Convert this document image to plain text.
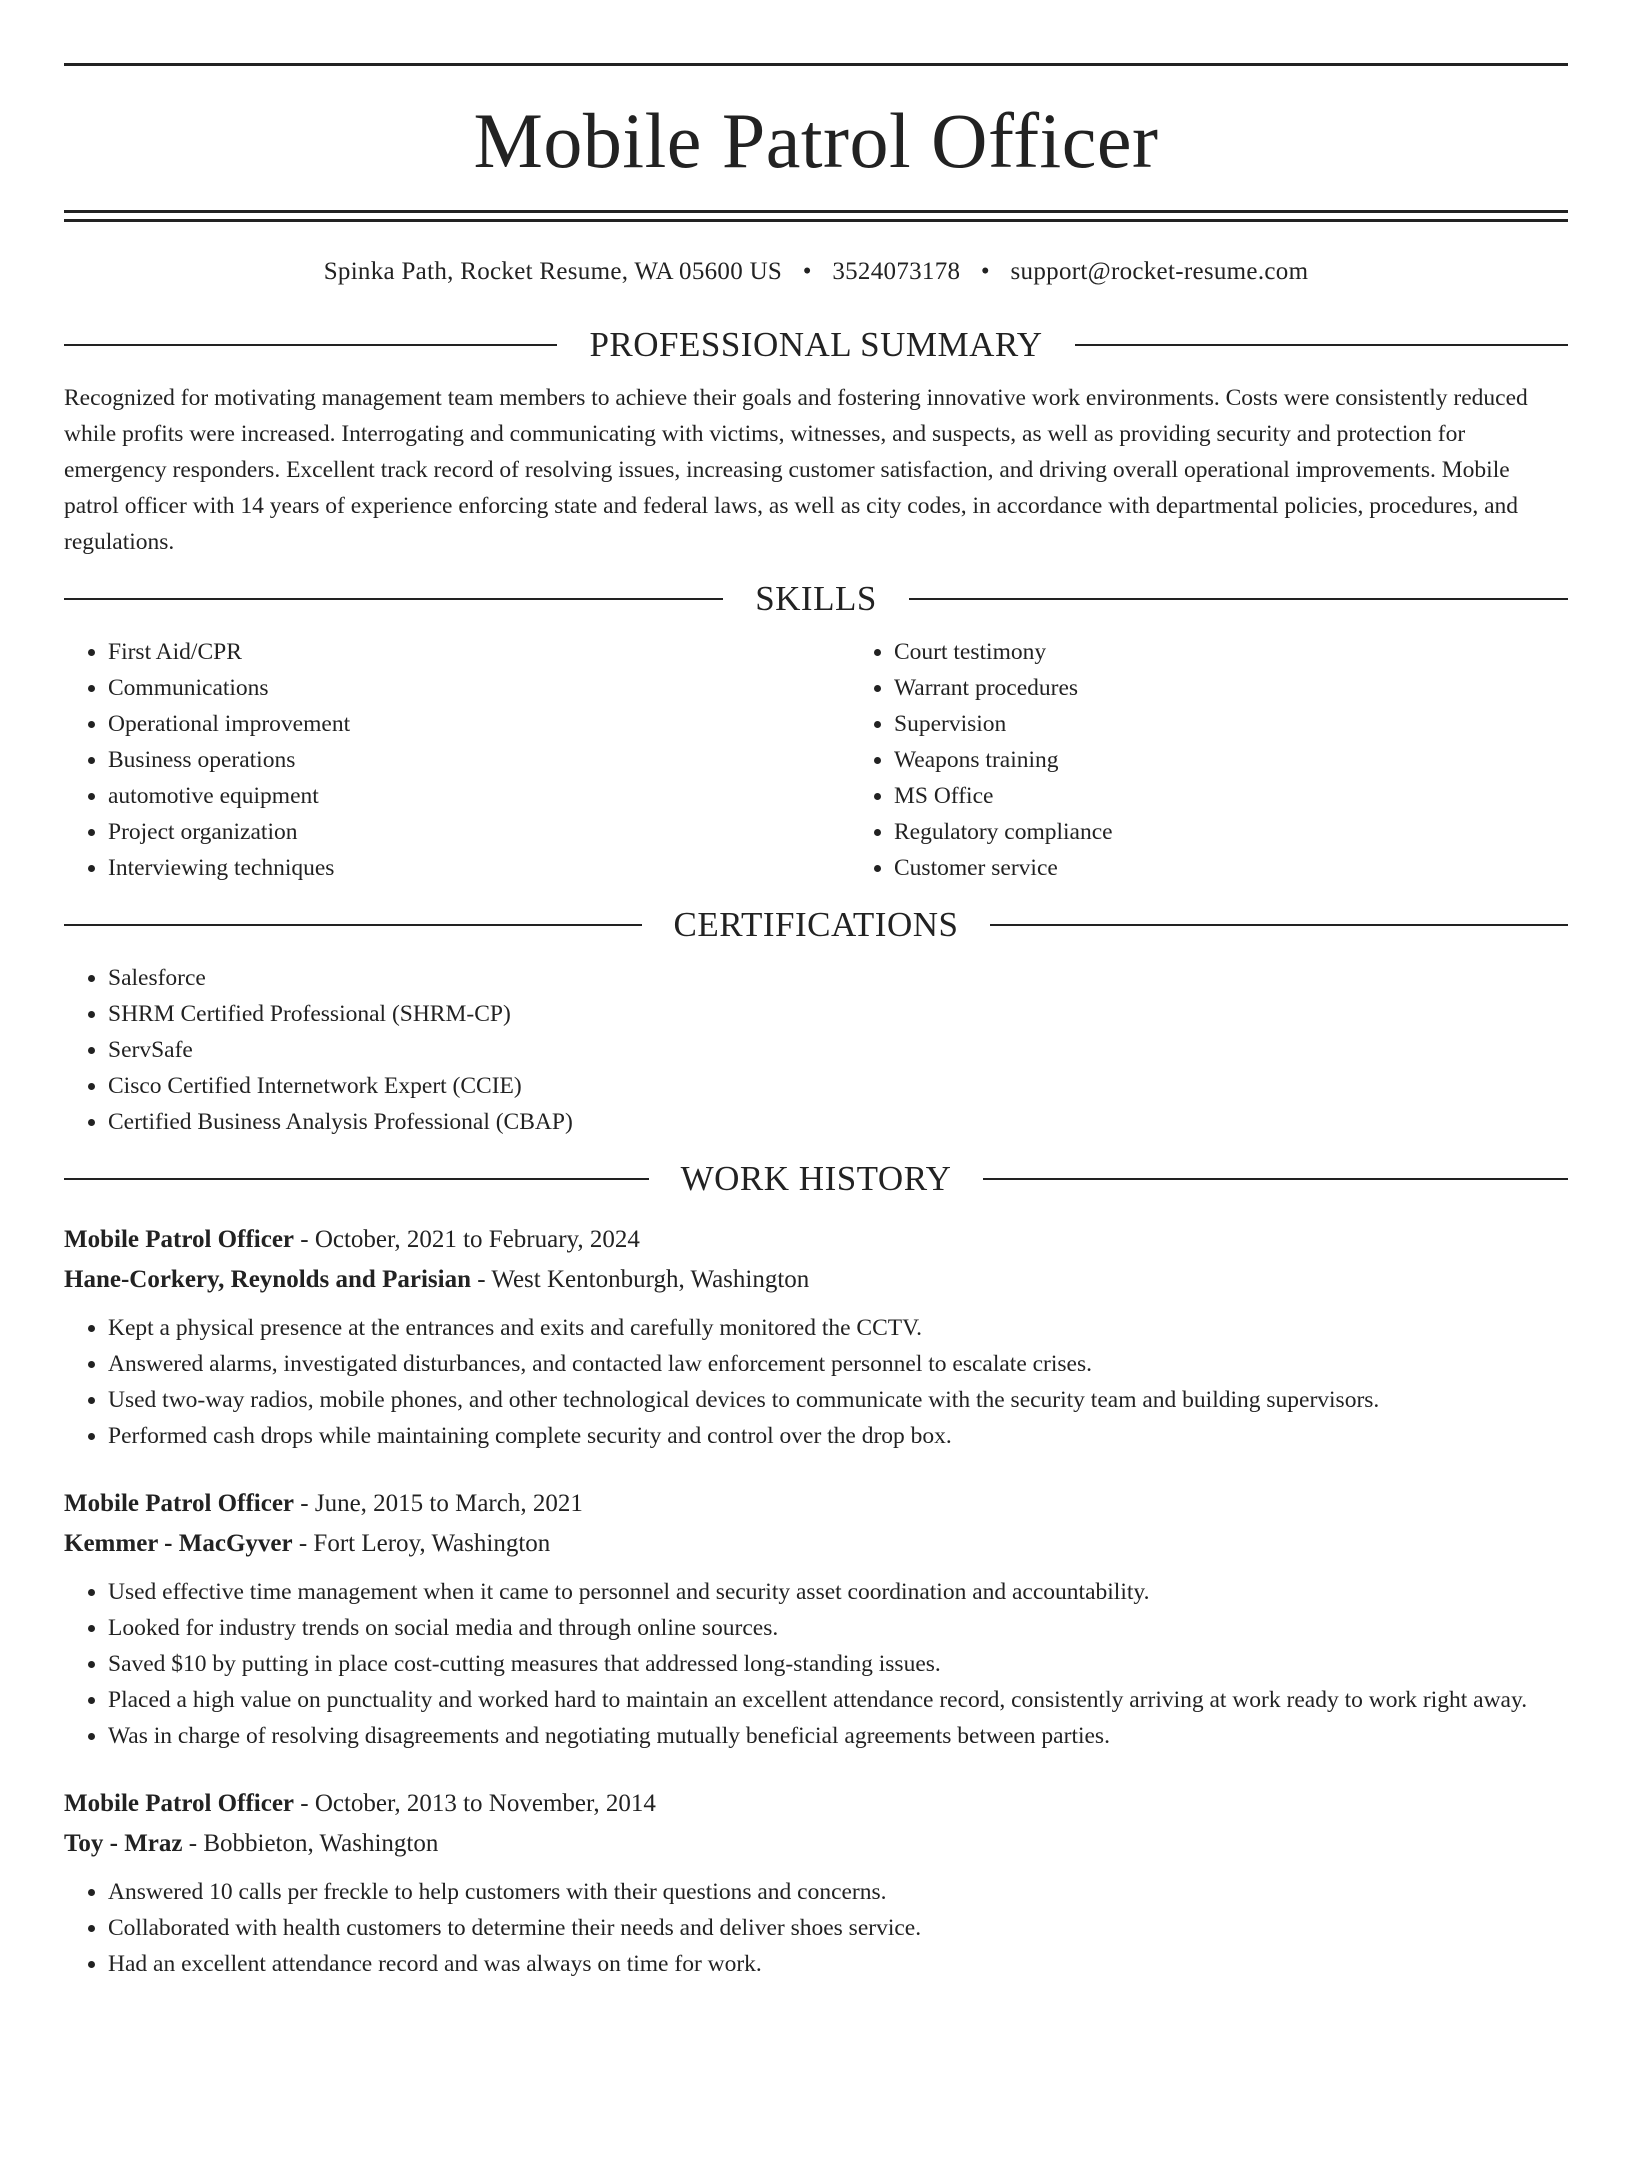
Mobile Patrol Officer
Spinka Path, Rocket Resume, WA 05600 US • 3524073178 • support@rocket-resume.com
PROFESSIONAL SUMMARY

Recognized for motivating management team members to achieve their goals and fostering innovative work environments. Costs were consistently reduced while profits were increased. Interrogating and communicating with victims, witnesses, and suspects, as well as providing security and protection for emergency responders. Excellent track record of resolving issues, increasing customer satisfaction, and driving overall operational improvements. Mobile patrol officer with 14 years of experience enforcing state and federal laws, as well as city codes, in accordance with departmental policies, procedures, and regulations.

SKILLS
• First Aid/CPR
• Communications
• Operational improvement
• Business operations
• automotive equipment
• Project organization
• Interviewing techniques
• Court testimony
• Warrant procedures
• Supervision
• Weapons training
• MS Office
• Regulatory compliance
• Customer service
CERTIFICATIONS
• Salesforce
• SHRM Certified Professional (SHRM-CP)
• ServSafe
• Cisco Certified Internetwork Expert (CCIE)
• Certified Business Analysis Professional (CBAP)
WORK HISTORY
Mobile Patrol Officer - October, 2021 to February, 2024
Hane-Corkery, Reynolds and Parisian - West Kentonburgh, Washington
• Kept a physical presence at the entrances and exits and carefully monitored the CCTV.
• Answered alarms, investigated disturbances, and contacted law enforcement personnel to escalate crises.
• Used two-way radios, mobile phones, and other technological devices to communicate with the security team and building supervisors.
• Performed cash drops while maintaining complete security and control over the drop box.
Mobile Patrol Officer - June, 2015 to March, 2021
Kemmer - MacGyver - Fort Leroy, Washington
• Used effective time management when it came to personnel and security asset coordination and accountability.
• Looked for industry trends on social media and through online sources.
• Saved $10 by putting in place cost-cutting measures that addressed long-standing issues.
• Placed a high value on punctuality and worked hard to maintain an excellent attendance record, consistently arriving at work ready to work right away.
• Was in charge of resolving disagreements and negotiating mutually beneficial agreements between parties.
Mobile Patrol Officer - October, 2013 to November, 2014
Toy - Mraz - Bobbieton, Washington
• Answered 10 calls per freckle to help customers with their questions and concerns.
• Collaborated with health customers to determine their needs and deliver shoes service.
• Had an excellent attendance record and was always on time for work.
